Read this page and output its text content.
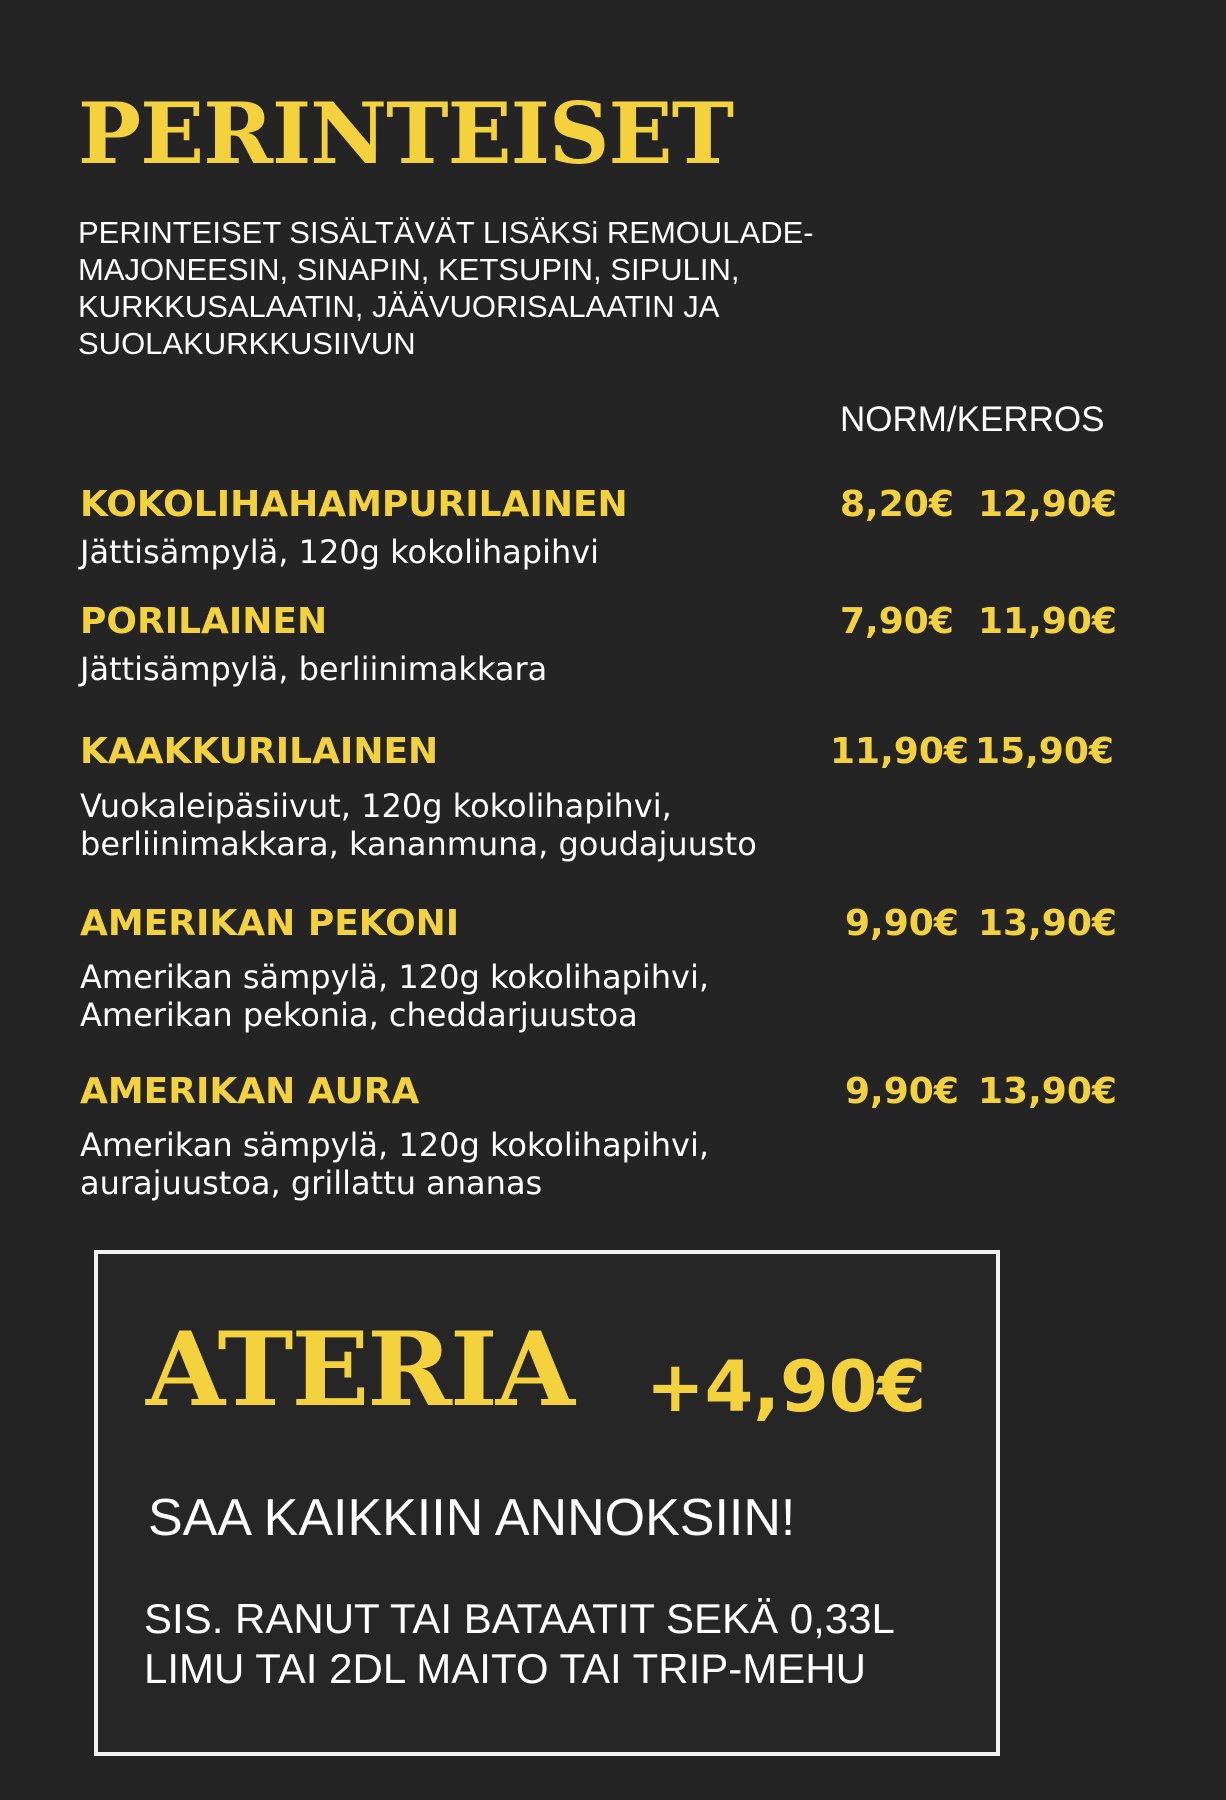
PERINTEISET

PERINTEISET SISÄLTÄVÄT LISÄKSi REMOULADE-MAJONEESIN, SINAPIN, KETSUPIN, SIPULIN, KURKKUSALAATIN, JÄÄVUORISALAATIN JA SUOLAKURKKUSIIVUN

NORM/KERROS
KOKOLIHAHAMPURILAINEN	8,20€ 12,90€
Jättisämpylä, 120g kokolihapihvi
PORILAINEN	7,90€ 11,90€
Jättisämpylä, berliinimakkara
KAAKKURILAINEN	11,90€ 15,90€
Vuokaleipäsiivut, 120g kokolihapihvi, berliinimakkara, kananmuna, goudajuusto
AMERIKAN PEKONI	9,90€ 13,90€
Amerikan sämpylä, 120g kokolihapihvi, Amerikan pekonia, cheddarjuustoa
AMERIKAN AURA	9,90€ 13,90€
Amerikan sämpylä, 120g kokolihapihvi, aurajuustoa, grillattu ananas
ATERIA +4,90€
SAA KAIKKIIN ANNOKSIIN!

SIS. RANUT TAI BATAATIT SEKÄ 0,33L LIMU TAI 2DL MAITO TAI TRIP-MEHU
